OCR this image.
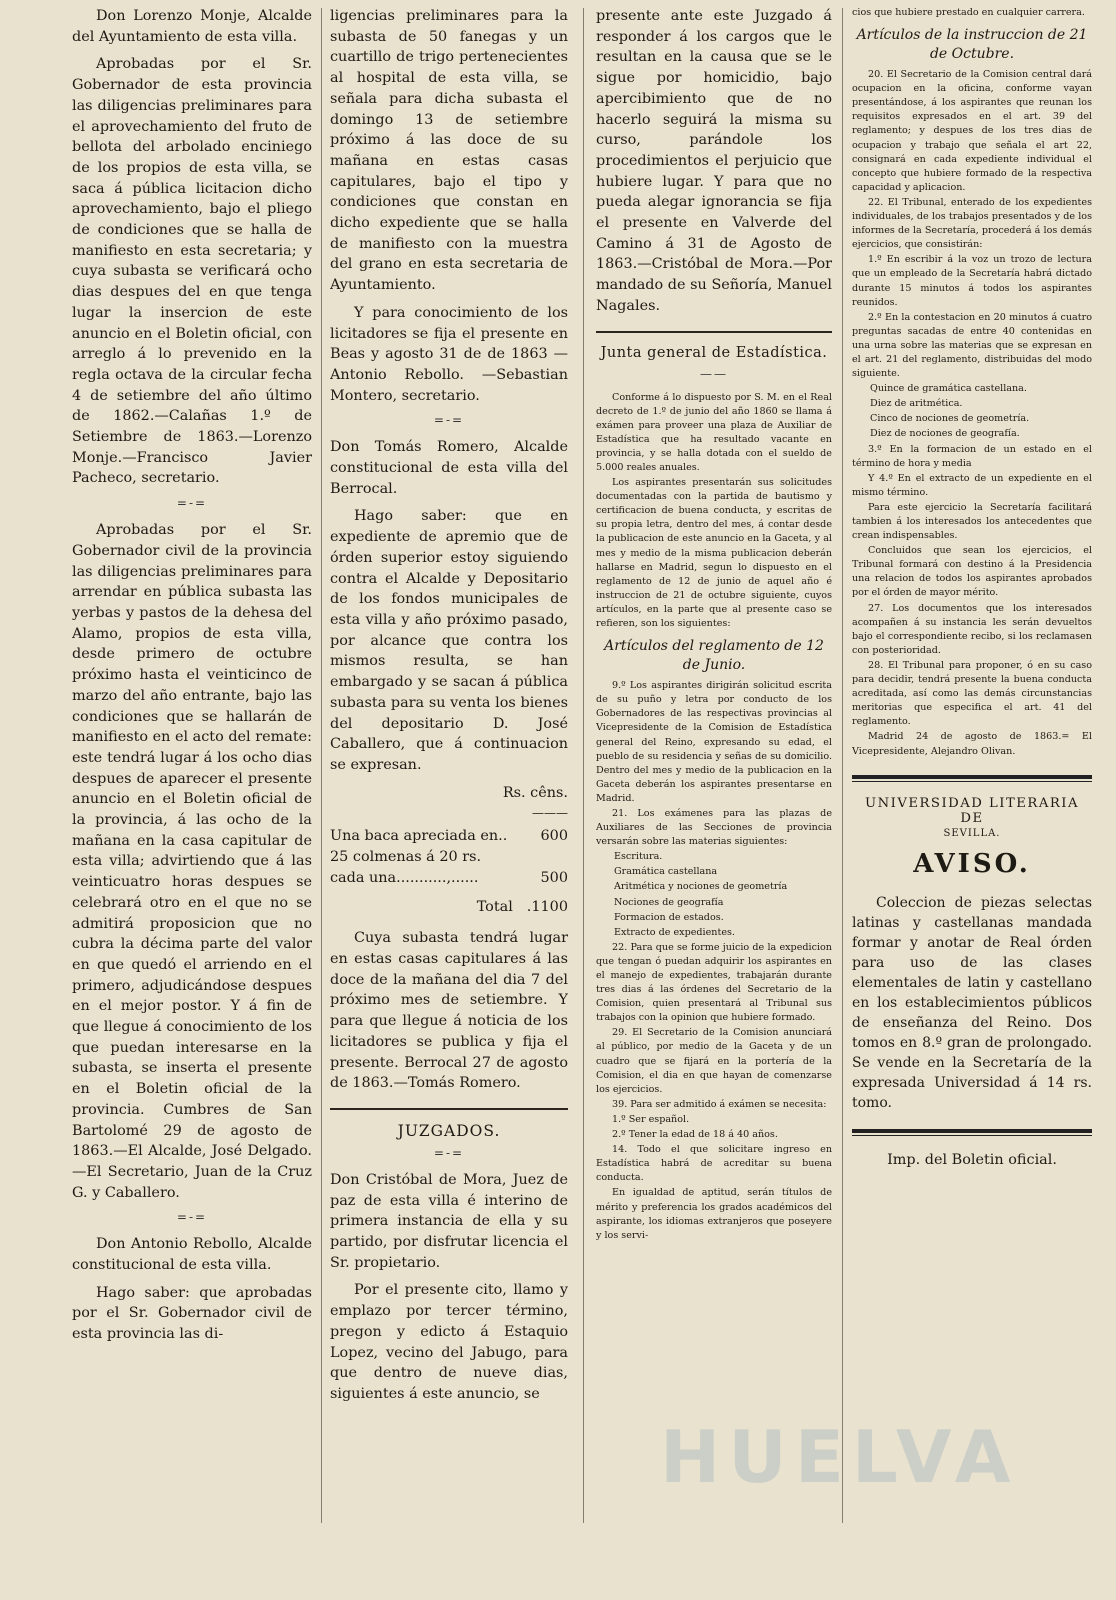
Don Lorenzo Monje, Alcalde del Ayuntamiento de esta villa.

Aprobadas por el Sr. Gobernador de esta provincia las diligencias preliminares para el aprovechamiento del fruto de bellota del arbolado enciniego de los propios de esta villa, se saca á pública licitacion dicho aprovechamiento, bajo el pliego de condiciones que se halla de manifiesto en esta secretaria; y cuya subasta se verificará ocho dias despues del en que tenga lugar la insercion de este anuncio en el Boletin oficial, con arreglo á lo prevenido en la regla octava de la circular fecha 4 de setiembre del año último de 1862.—Calañas 1.º de Setiembre de 1863.—Lorenzo Monje.—Francisco Javier Pacheco, secretario.

=-=

Aprobadas por el Sr. Gobernador civil de la provincia las diligencias preliminares para arrendar en pública subasta las yerbas y pastos de la dehesa del Alamo, propios de esta villa, desde primero de octubre próximo hasta el veinticinco de marzo del año entrante, bajo las condiciones que se hallarán de manifiesto en el acto del remate: este tendrá lugar á los ocho dias despues de aparecer el presente anuncio en el Boletin oficial de la provincia, á las ocho de la mañana en la casa capitular de esta villa; advirtiendo que á las veinticuatro horas despues se celebrará otro en el que no se admitirá proposicion que no cubra la décima parte del valor en que quedó el arriendo en el primero, adjudicándose despues en el mejor postor. Y á fin de que llegue á conocimiento de los que puedan interesarse en la subasta, se inserta el presente en el Boletin oficial de la provincia. Cumbres de San Bartolomé 29 de agosto de 1863.—El Alcalde, José Delgado.—El Secretario, Juan de la Cruz G. y Caballero.

=-=

Don Antonio Rebollo, Alcalde constitucional de esta villa.

Hago saber: que aprobadas por el Sr. Gobernador civil de esta provincia las di-

ligencias preliminares para la subasta de 50 fanegas y un cuartillo de trigo pertenecientes al hospital de esta villa, se señala para dicha subasta el domingo 13 de setiembre próximo á las doce de su mañana en estas casas capitulares, bajo el tipo y condiciones que constan en dicho expediente que se halla de manifiesto con la muestra del grano en esta secretaria de Ayuntamiento.

Y para conocimiento de los licitadores se fija el presente en Beas y agosto 31 de de 1863 —Antonio Rebollo. —Sebastian Montero, secretario.

=-=

Don Tomás Romero, Alcalde constitucional de esta villa del Berrocal.

Hago saber: que en expediente de apremio que de órden superior estoy siguiendo contra el Alcalde y Depositario de los fondos municipales de esta villa y año próximo pasado, por alcance que contra los mismos resulta, se han embargado y se sacan á pública subasta para su venta los bienes del depositario D. José Caballero, que á continuacion se expresan.

Rs. cêns.
———
Una baca apreciada en.. 600
25 colmenas á 20 rs. cada una...........,......	500
Total .1100

Cuya subasta tendrá lugar en estas casas capitulares á las doce de la mañana del dia 7 del próximo mes de setiembre. Y para que llegue á noticia de los licitadores se publica y fija el presente. Berrocal 27 de agosto de 1863.—Tomás Romero.

JUZGADOS.
=-=

Don Cristóbal de Mora, Juez de paz de esta villa é interino de primera instancia de ella y su partido, por disfrutar licencia el Sr. propietario.

Por el presente cito, llamo y emplazo por tercer término, pregon y edicto á Estaquio Lopez, vecino del Jabugo, para que dentro de nueve dias, siguientes á este anuncio, se

presente ante este Juzgado á responder á los cargos que le resultan en la causa que se le sigue por homicidio, bajo apercibimiento que de no hacerlo seguirá la misma su curso, parándole los procedimientos el perjuicio que hubiere lugar. Y para que no pueda alegar ignorancia se fija el presente en Valverde del Camino á 31 de Agosto de 1863.—Cristóbal de Mora.—Por mandado de su Señoría, Manuel Nagales.

Junta general de Estadística.
——

Conforme á lo dispuesto por S. M. en el Real decreto de 1.º de junio del año 1860 se llama á exámen para proveer una plaza de Auxiliar de Estadística que ha resultado vacante en provincia, y se halla dotada con el sueldo de 5.000 reales anuales.

Los aspirantes presentarán sus solicitudes documentadas con la partida de bautismo y certificacion de buena conducta, y escritas de su propia letra, dentro del mes, á contar desde la publicacion de este anuncio en la Gaceta, y al mes y medio de la misma publicacion deberán hallarse en Madrid, segun lo dispuesto en el reglamento de 12 de junio de aquel año é instruccion de 21 de octubre siguiente, cuyos artículos, en la parte que al presente caso se refieren, son los siguientes:

Artículos del reglamento de 12 de Junio.

9.º Los aspirantes dirigirán solicitud escrita de su puño y letra por conducto de los Gobernadores de las respectivas provincias al Vicepresidente de la Comision de Estadística general del Reino, expresando su edad, el pueblo de su residencia y señas de su domicilio. Dentro del mes y medio de la publicacion en la Gaceta deberán los aspirantes presentarse en Madrid.

21. Los exámenes para las plazas de Auxiliares de las Secciones de provincia versarán sobre las materias siguientes:

Escritura.

Gramática castellana

Aritmética y nociones de geometría

Nociones de geografía

Formacion de estados.

Extracto de expedientes.

22. Para que se forme juicio de la expedicion que tengan ó puedan adquirir los aspirantes en el manejo de expedientes, trabajarán durante tres dias á las órdenes del Secretario de la Comision, quien presentará al Tribunal sus trabajos con la opinion que hubiere formado.

29. El Secretario de la Comision anunciará al público, por medio de la Gaceta y de un cuadro que se fijará en la portería de la Comision, el dia en que hayan de comenzarse los ejercicios.

39. Para ser admitido á exámen se necesita:

1.º Ser español.

2.º Tener la edad de 18 á 40 años.

14. Todo el que solicitare ingreso en Estadística habrá de acreditar su buena conducta.

En igualdad de aptitud, serán títulos de mérito y preferencia los grados académicos del aspirante, los idiomas extranjeros que poseyere y los servi-

cios que hubiere prestado en cualquier carrera.

Artículos de la instruccion de 21 de Octubre.

20. El Secretario de la Comision central dará ocupacion en la oficina, conforme vayan presentándose, á los aspirantes que reunan los requisitos expresados en el art. 39 del reglamento; y despues de los tres dias de ocupacion y trabajo que señala el art 22, consignará en cada expediente individual el concepto que hubiere formado de la respectiva capacidad y aplicacion.

22. El Tribunal, enterado de los expedientes individuales, de los trabajos presentados y de los informes de la Secretaría, procederá á los demás ejercicios, que consistirán:

1.º En escribir á la voz un trozo de lectura que un empleado de la Secretaría habrá dictado durante 15 minutos á todos los aspirantes reunidos.

2.º En la contestacion en 20 minutos á cuatro preguntas sacadas de entre 40 contenidas en una urna sobre las materias que se expresan en el art. 21 del reglamento, distribuidas del modo siguiente.

Quince de gramática castellana.

Diez de aritmética.

Cinco de nociones de geometría.

Diez de nociones de geografía.

3.º En la formacion de un estado en el término de hora y media

Y 4.º En el extracto de un expediente en el mismo término.

Para este ejercicio la Secretaría facilitará tambien á los interesados los antecedentes que crean indispensables.

Concluidos que sean los ejercicios, el Tribunal formará con destino á la Presidencia una relacion de todos los aspirantes aprobados por el órden de mayor mérito.

27. Los documentos que los interesados acompañen á su instancia les serán devueltos bajo el correspondiente recibo, si los reclamasen con posterioridad.

28. El Tribunal para proponer, ó en su caso para decidir, tendrá presente la buena conducta acreditada, así como las demás circunstancias meritorias que especifica el art. 41 del reglamento.

Madrid 24 de agosto de 1863.= El Vicepresidente, Alejandro Olivan.

UNIVERSIDAD LITERARIA DE
SEVILLA.
AVISO.

Coleccion de piezas selectas latinas y castellanas mandada formar y anotar de Real órden para uso de las clases elementales de latin y castellano en los establecimientos públicos de enseñanza del Reino. Dos tomos en 8.º gran de prolongado. Se vende en la Secretaría de la expresada Universidad á 14 rs. tomo.

Imp. del Boletin oficial.
HUELVA
